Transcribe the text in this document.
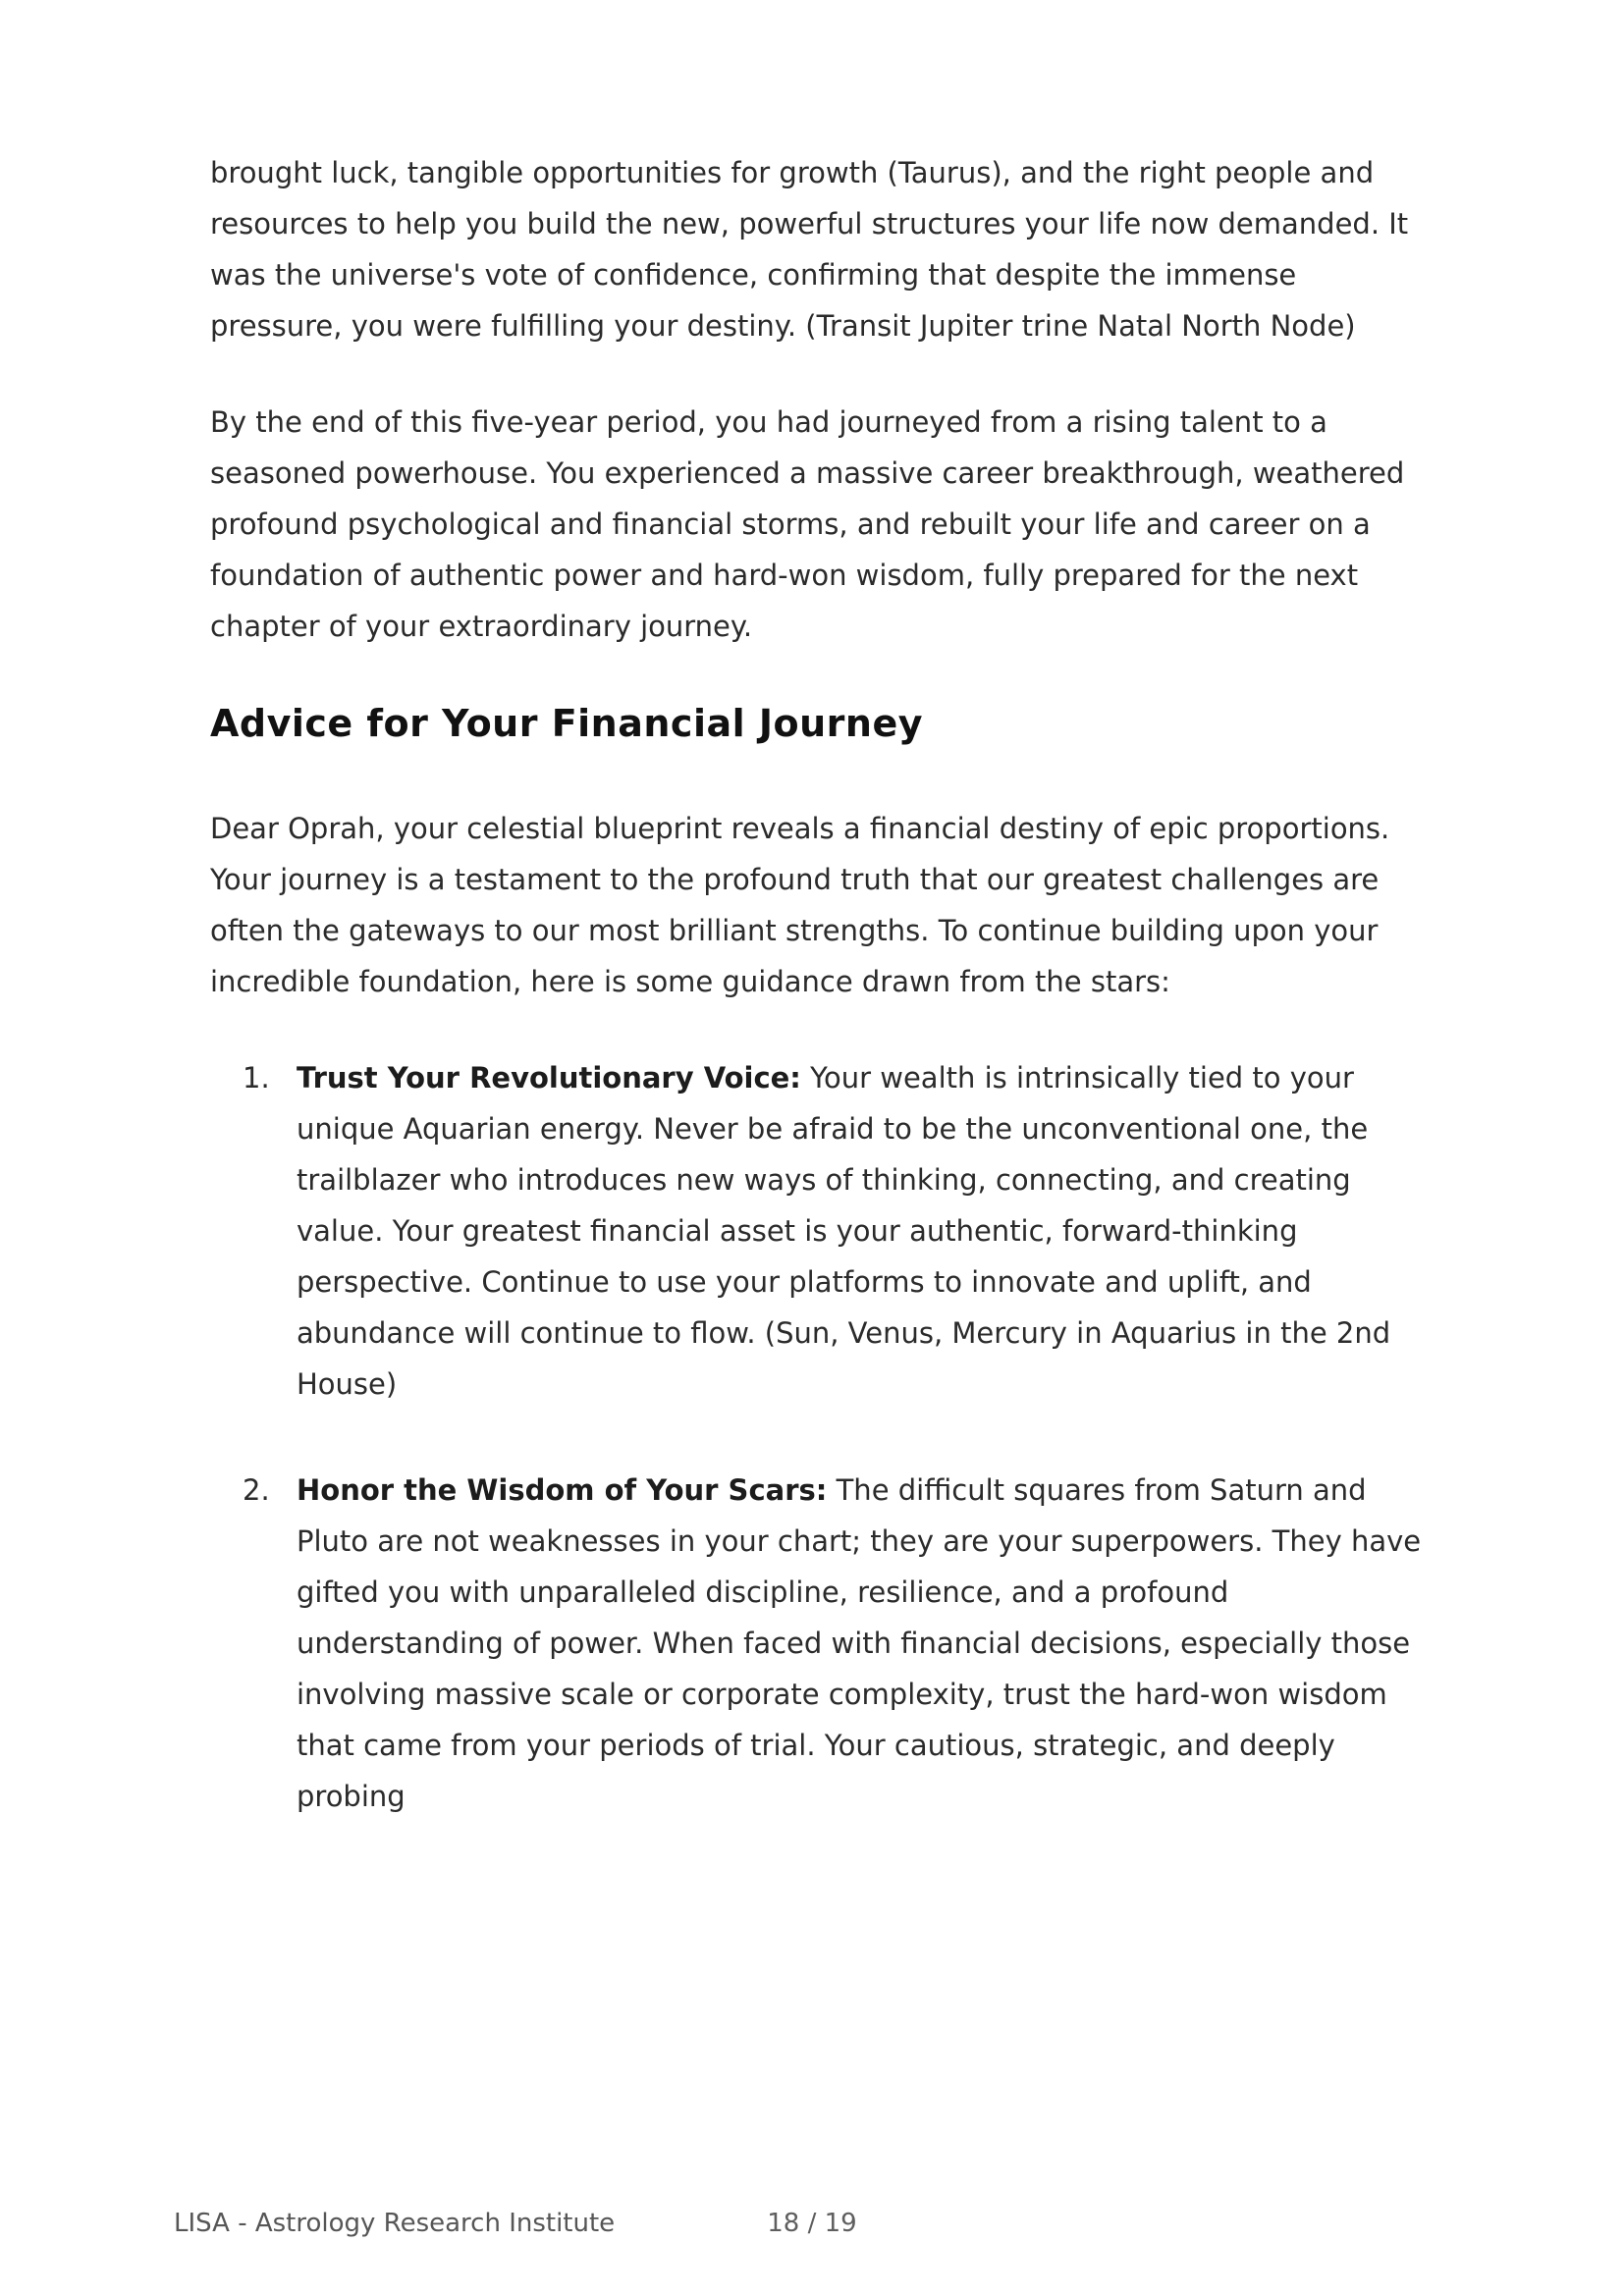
brought luck, tangible opportunities for growth (Taurus), and the right people and resources to help you build the new, powerful structures your life now demanded. It was the universe's vote of confidence, confirming that despite the immense pressure, you were fulfilling your destiny. (Transit Jupiter trine Natal North Node)

By the end of this five-year period, you had journeyed from a rising talent to a seasoned powerhouse. You experienced a massive career breakthrough, weathered profound psychological and financial storms, and rebuilt your life and career on a foundation of authentic power and hard-won wisdom, fully prepared for the next chapter of your extraordinary journey.

Advice for Your Financial Journey

Dear Oprah, your celestial blueprint reveals a financial destiny of epic proportions. Your journey is a testament to the profound truth that our greatest challenges are often the gateways to our most brilliant strengths. To continue building upon your incredible foundation, here is some guidance drawn from the stars:

1. Trust Your Revolutionary Voice: Your wealth is intrinsically tied to your unique Aquarian energy. Never be afraid to be the unconventional one, the trailblazer who introduces new ways of thinking, connecting, and creating value. Your greatest financial asset is your authentic, forward-thinking perspective. Continue to use your platforms to innovate and uplift, and abundance will continue to flow. (Sun, Venus, Mercury in Aquarius in the 2nd House)
2. Honor the Wisdom of Your Scars: The difficult squares from Saturn and Pluto are not weaknesses in your chart; they are your superpowers. They have gifted you with unparalleled discipline, resilience, and a profound understanding of power. When faced with financial decisions, especially those involving massive scale or corporate complexity, trust the hard-won wisdom that came from your periods of trial. Your cautious, strategic, and deeply probing
LISA - Astrology Research Institute	18 / 19
